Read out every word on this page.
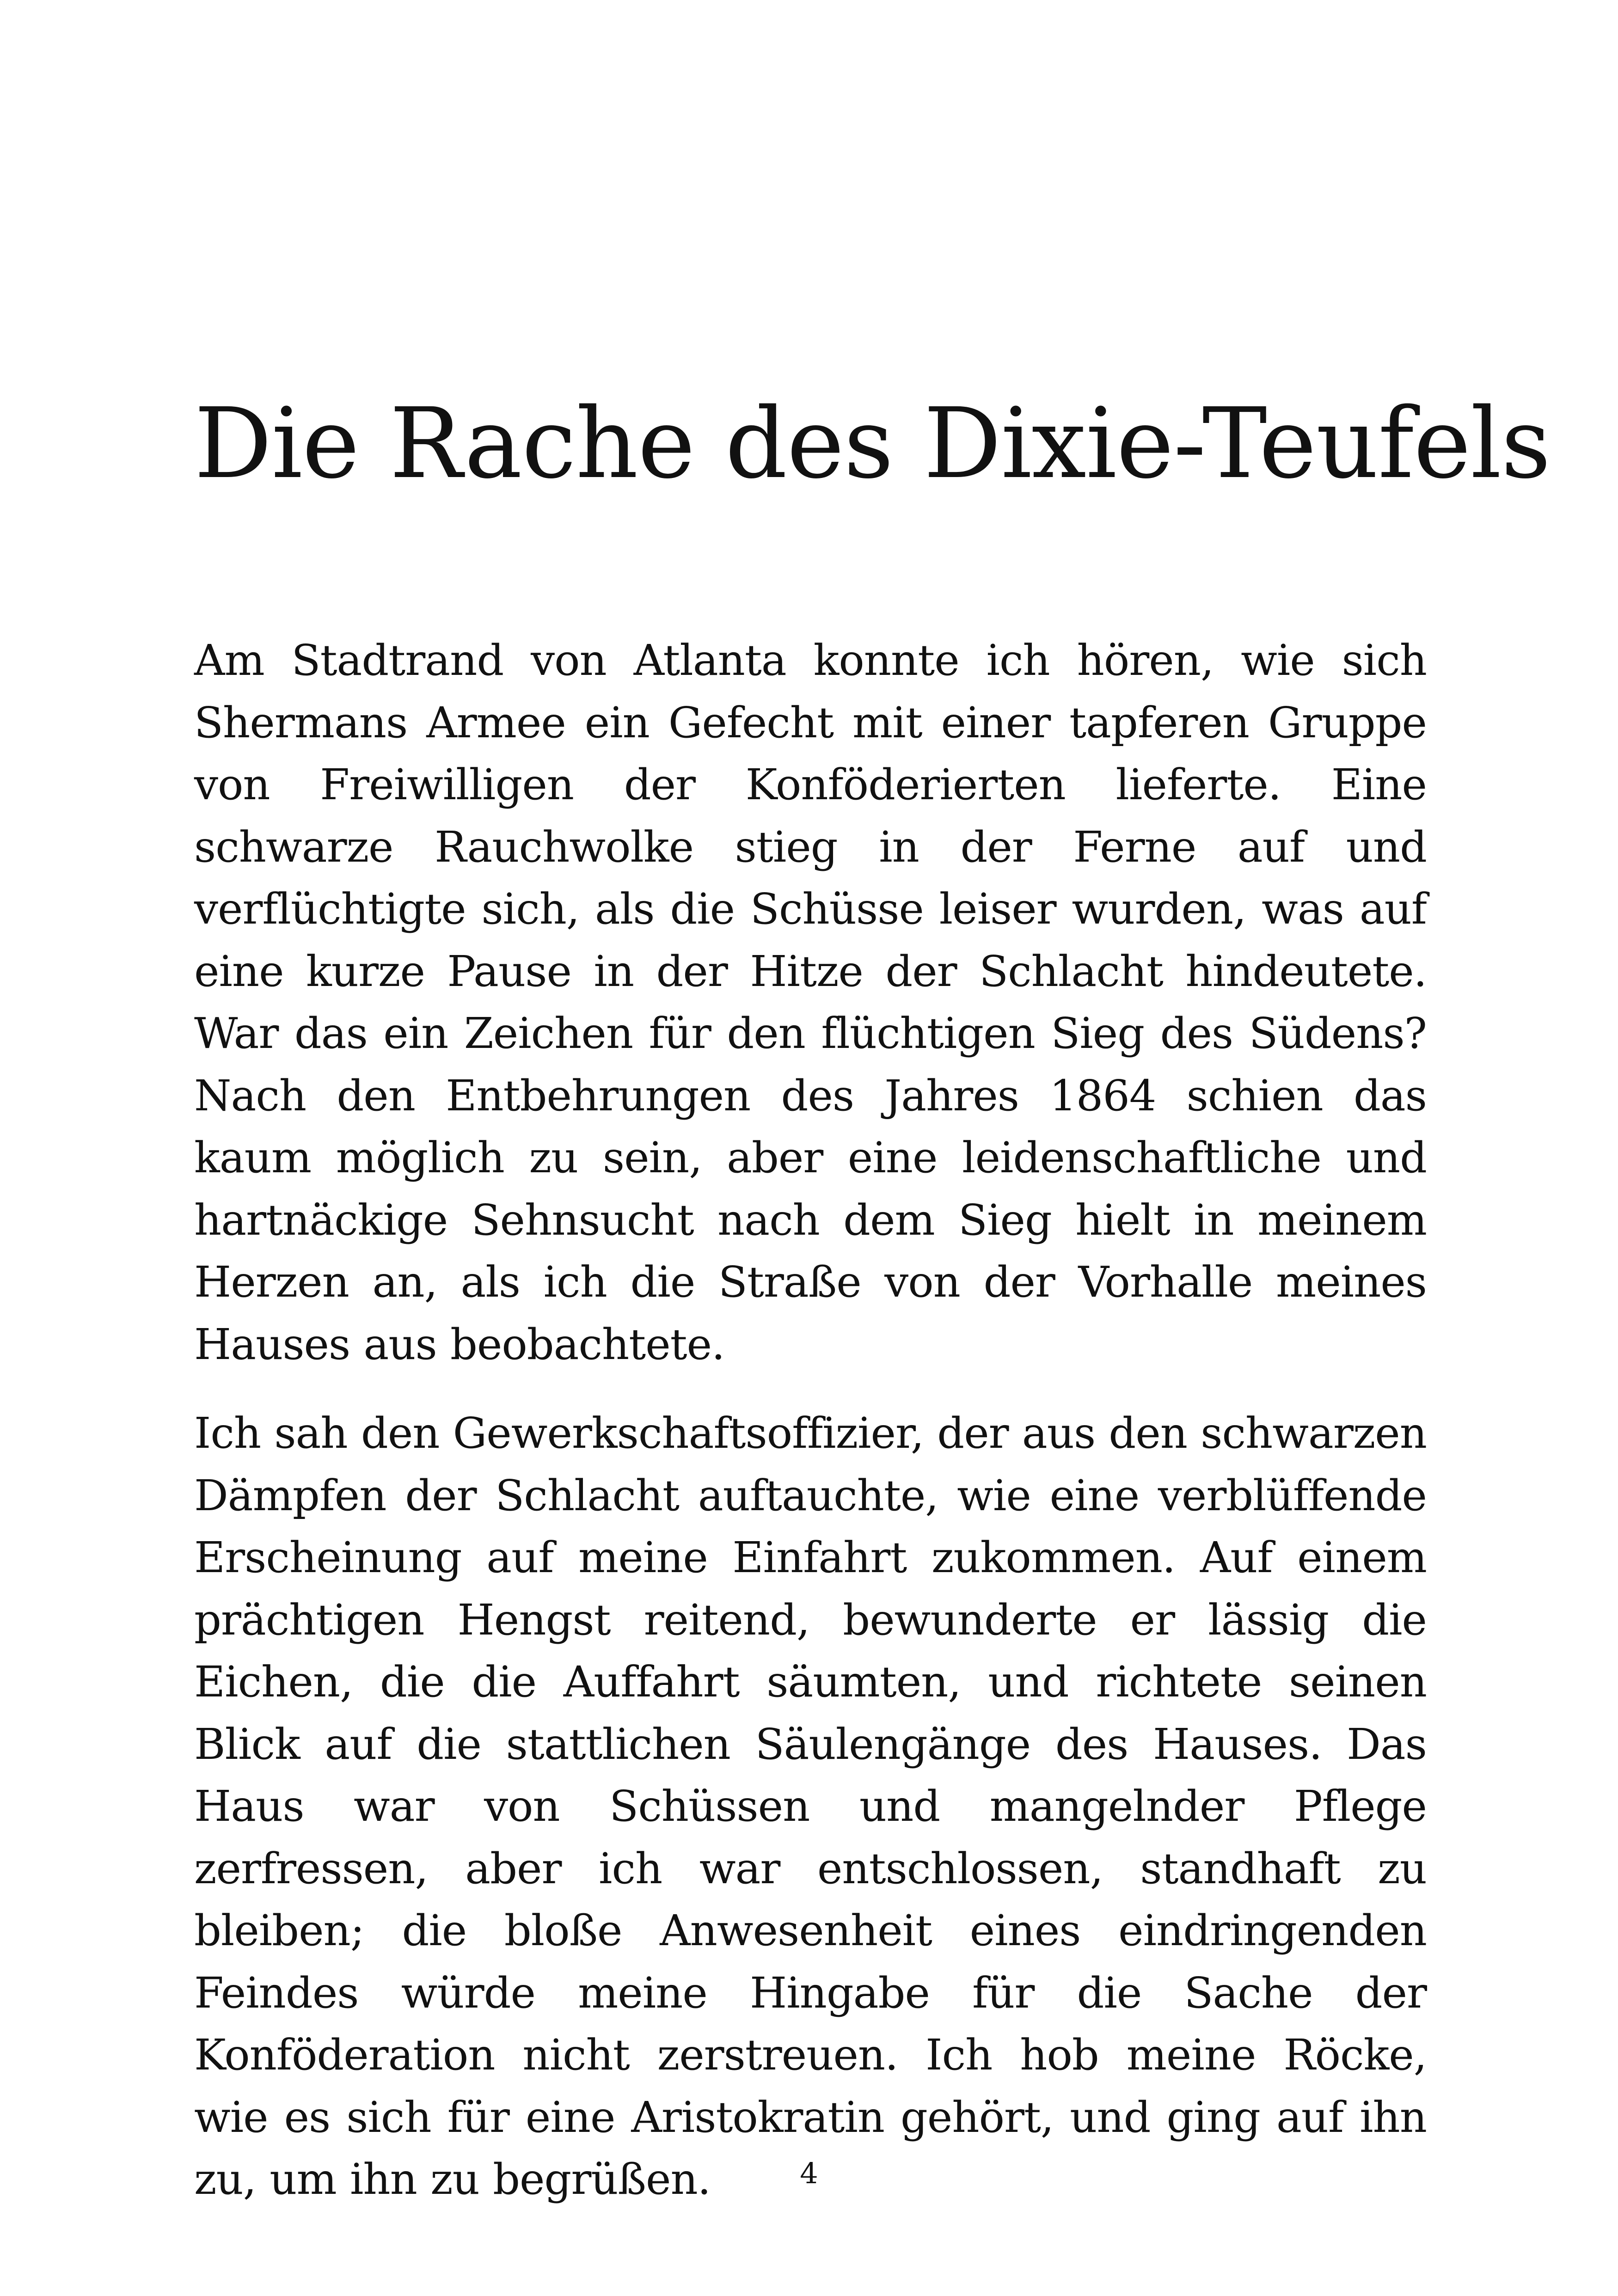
Die Rache des Dixie-Teufels

Am Stadtrand von Atlanta konnte ich hören, wie sich Shermans Armee ein Gefecht mit einer tapferen Gruppe von Freiwilligen der Konföderierten lieferte. Eine schwarze Rauchwolke stieg in der Ferne auf und verflüchtigte sich, als die Schüsse leiser wurden, was auf eine kurze Pause in der Hitze der Schlacht hindeutete. War das ein Zeichen für den flüchtigen Sieg des Südens? Nach den Entbehrungen des Jahres 1864 schien das kaum möglich zu sein, aber eine leidenschaftliche und hartnäckige Sehnsucht nach dem Sieg hielt in meinem Herzen an, als ich die Straße von der Vorhalle meines Hauses aus beobachtete.

Ich sah den Gewerkschaftsoffizier, der aus den schwarzen Dämpfen der Schlacht auftauchte, wie eine verblüffende Erscheinung auf meine Einfahrt zukommen. Auf einem prächtigen Hengst reitend, bewunderte er lässig die Eichen, die die Auffahrt säumten, und richtete seinen Blick auf die stattlichen Säulengänge des Hauses. Das Haus war von Schüssen und mangelnder Pflege zerfressen, aber ich war entschlossen, standhaft zu bleiben; die bloße Anwesenheit eines eindringenden Feindes würde meine Hingabe für die Sache der Konföderation nicht zerstreuen. Ich hob meine Röcke, wie es sich für eine Aristokratin gehört, und ging auf ihn zu, um ihn zu begrüßen.	4
